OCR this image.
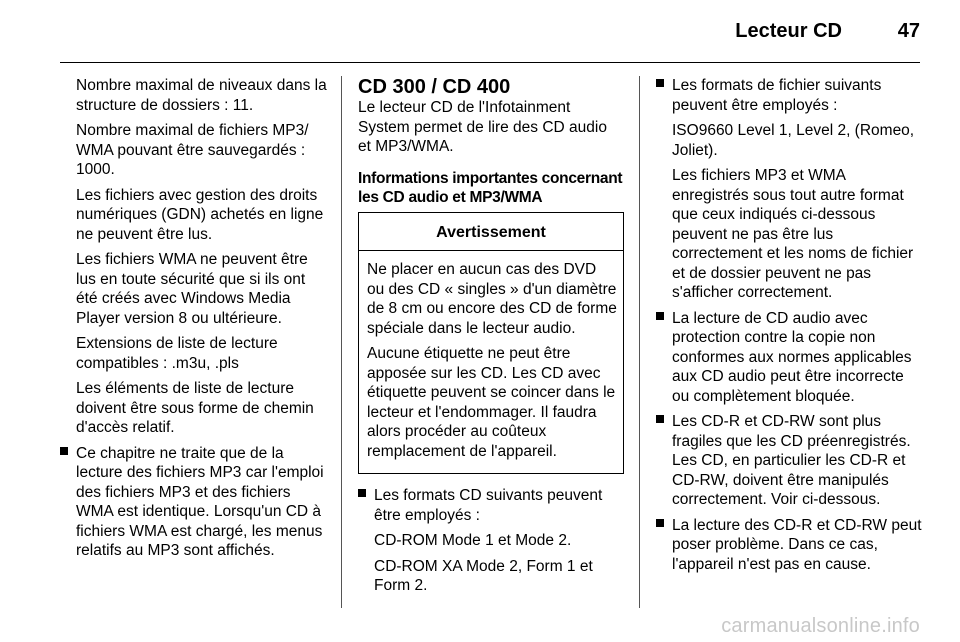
Lecteur CD	47

Nombre maximal de niveaux dans la structure de dossiers : 11.

Nombre maximal de fichiers MP3/ WMA pouvant être sauvegardés : 1000.

Les fichiers avec gestion des droits numériques (GDN) achetés en ligne ne peuvent être lus.

Les fichiers WMA ne peuvent être lus en toute sécurité que si ils ont été créés avec Windows Media Player version 8 ou ultérieure.

Extensions de liste de lecture compatibles : .m3u, .pls

Les éléments de liste de lecture doivent être sous forme de chemin d'accès relatif.

Ce chapitre ne traite que de la lecture des fichiers MP3 car l'emploi des fichiers MP3 et des fichiers WMA est identique. Lorsqu'un CD à fichiers WMA est chargé, les menus relatifs au MP3 sont affichés.

CD 300 / CD 400

Le lecteur CD de l'Infotainment System permet de lire des CD audio et MP3/WMA.

Informations importantes concernant les CD audio et MP3/WMA

Avertissement

Ne placer en aucun cas des DVD ou des CD « singles » d'un diamètre de 8 cm ou encore des CD de forme spéciale dans le lecteur audio.

Aucune étiquette ne peut être apposée sur les CD. Les CD avec étiquette peuvent se coincer dans le lecteur et l'endommager. Il faudra alors procéder au coûteux remplacement de l'appareil.

Les formats CD suivants peuvent être employés :

CD-ROM Mode 1 et Mode 2.

CD-ROM XA Mode 2, Form 1 et Form 2.

Les formats de fichier suivants peuvent être employés :

ISO9660 Level 1, Level 2, (Romeo, Joliet).

Les fichiers MP3 et WMA enregistrés sous tout autre format que ceux indiqués ci-dessous peuvent ne pas être lus correctement et les noms de fichier et de dossier peuvent ne pas s'afficher correctement.

La lecture de CD audio avec protection contre la copie non conformes aux normes applicables aux CD audio peut être incorrecte ou complètement bloquée.
Les CD-R et CD-RW sont plus fragiles que les CD préenregistrés. Les CD, en particulier les CD-R et CD-RW, doivent être manipulés correctement. Voir ci-dessous.
La lecture des CD-R et CD-RW peut poser problème. Dans ce cas, l'appareil n'est pas en cause.
carmanualsonline.info
